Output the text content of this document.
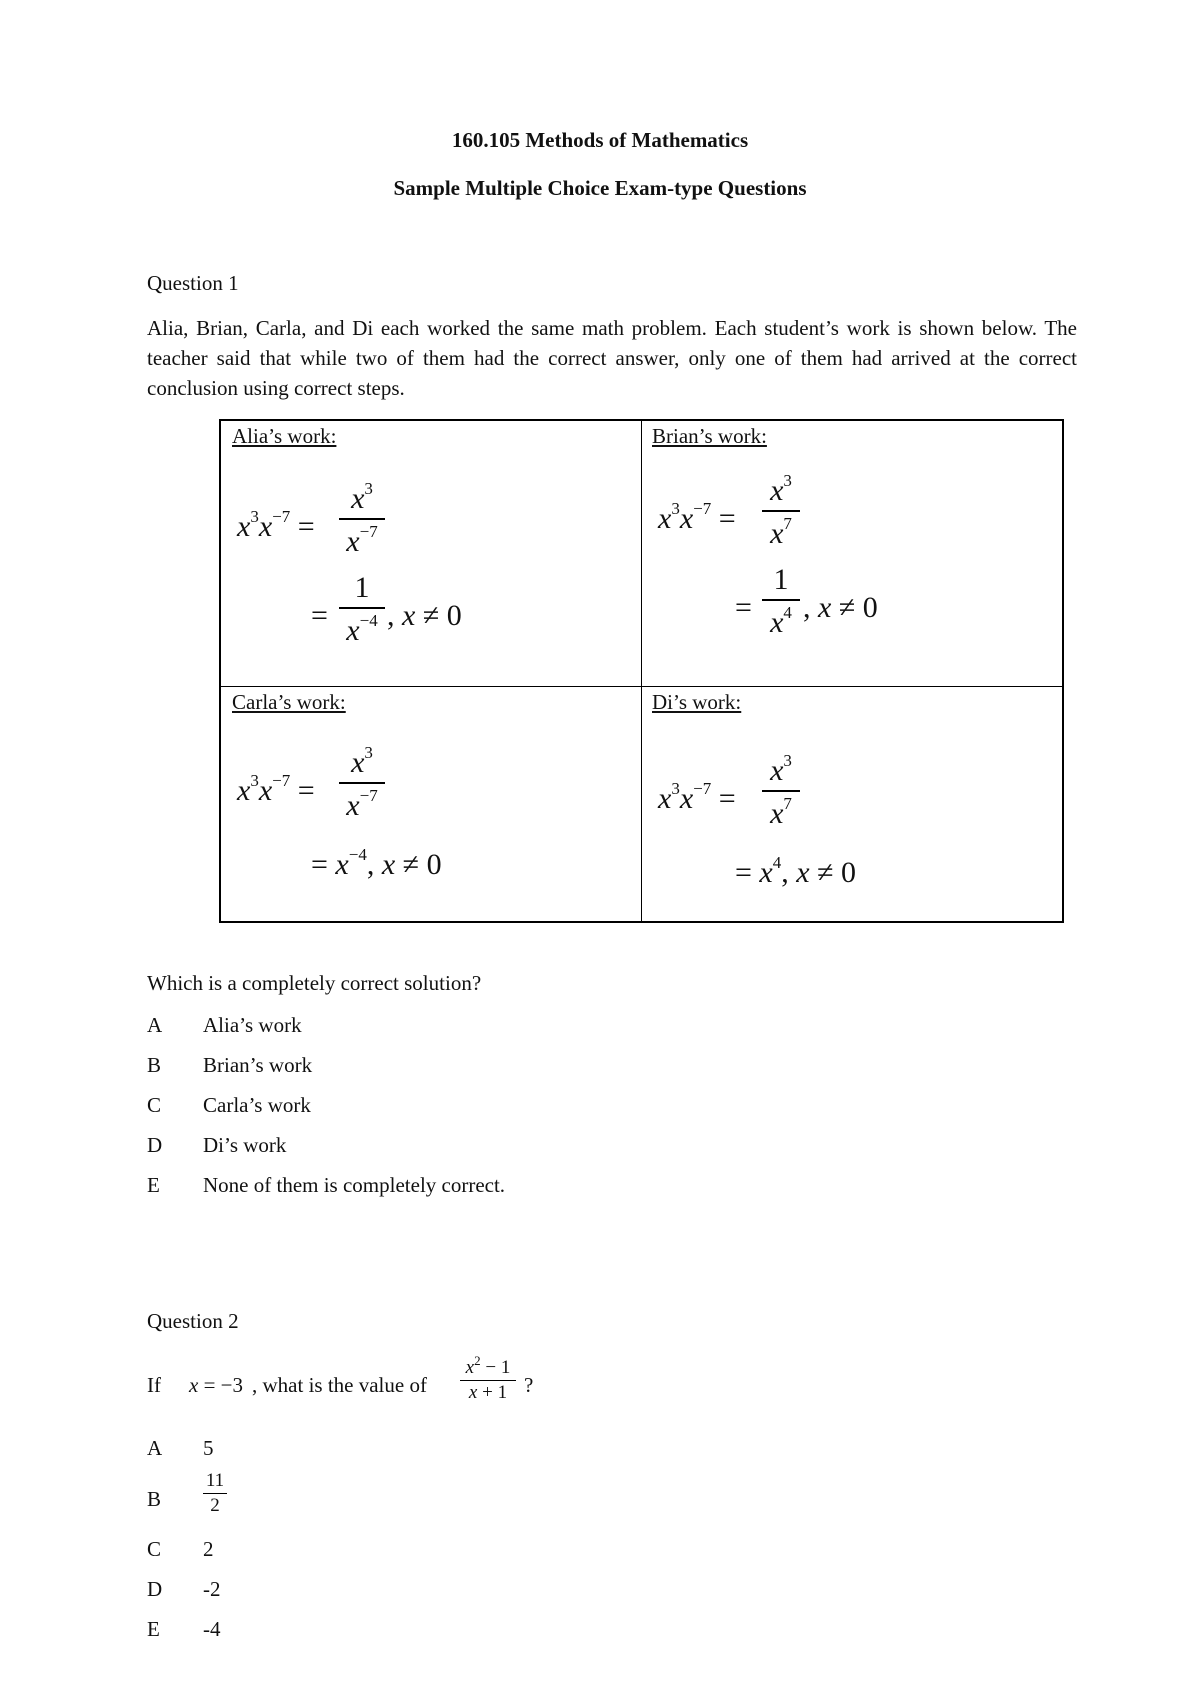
160.105 Methods of Mathematics
Sample Multiple Choice Exam-type Questions
Question 1
Alia, Brian, Carla, and Di each worked the same math problem. Each student’s work is shown below. The teacher said that while two of them had the correct answer, only one of them had arrived at the correct conclusion using correct steps.
Alia’s work:
$x^3x^{-7}$ =
$x^3$
$x^{-7}$
=
1
$x^{-4}$ , x ≠ 0
Brian’s work:
$x^3x^{-7}$ =
$x^3$
$x^7$
=
1
$x^4$ , x ≠ 0
Carla’s work:
$x^3x^{-7}$ =
$x^3$
$x^{-7}$
= $x^{-4}$, x ≠ 0
Di’s work:
$x^3x^{-7}$ =
$x^3$
$x^7$
= $x^4$, x ≠ 0
Which is a completely correct solution?
A Alia’s work
B Brian’s work
C Carla’s work
D Di’s work
E None of them is completely correct.
Question 2
If x = −3 , what is the value of
$x^2 - 1$
x + 1 ?
A 5
B
11
2
C 2
D -2
E -4
